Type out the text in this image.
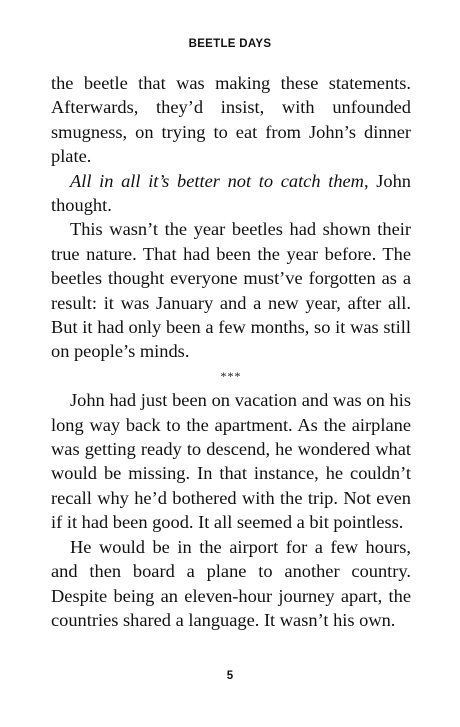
BEETLE DAYS

the beetle that was making these statements. Afterwards, they’d insist, with unfounded smugness, on trying to eat from John’s dinner plate.

All in all it’s better not to catch them, John thought.

This wasn’t the year beetles had shown their true nature. That had been the year before. The beetles thought everyone must’ve forgotten as a result: it was January and a new year, after all. But it had only been a few months, so it was still on people’s minds.

***

John had just been on vacation and was on his long way back to the apartment. As the airplane was getting ready to descend, he wondered what would be missing. In that instance, he couldn’t recall why he’d bothered with the trip. Not even if it had been good. It all seemed a bit pointless.

He would be in the airport for a few hours, and then board a plane to another country. Despite being an eleven-hour journey apart, the countries shared a language. It wasn’t his own.

5
